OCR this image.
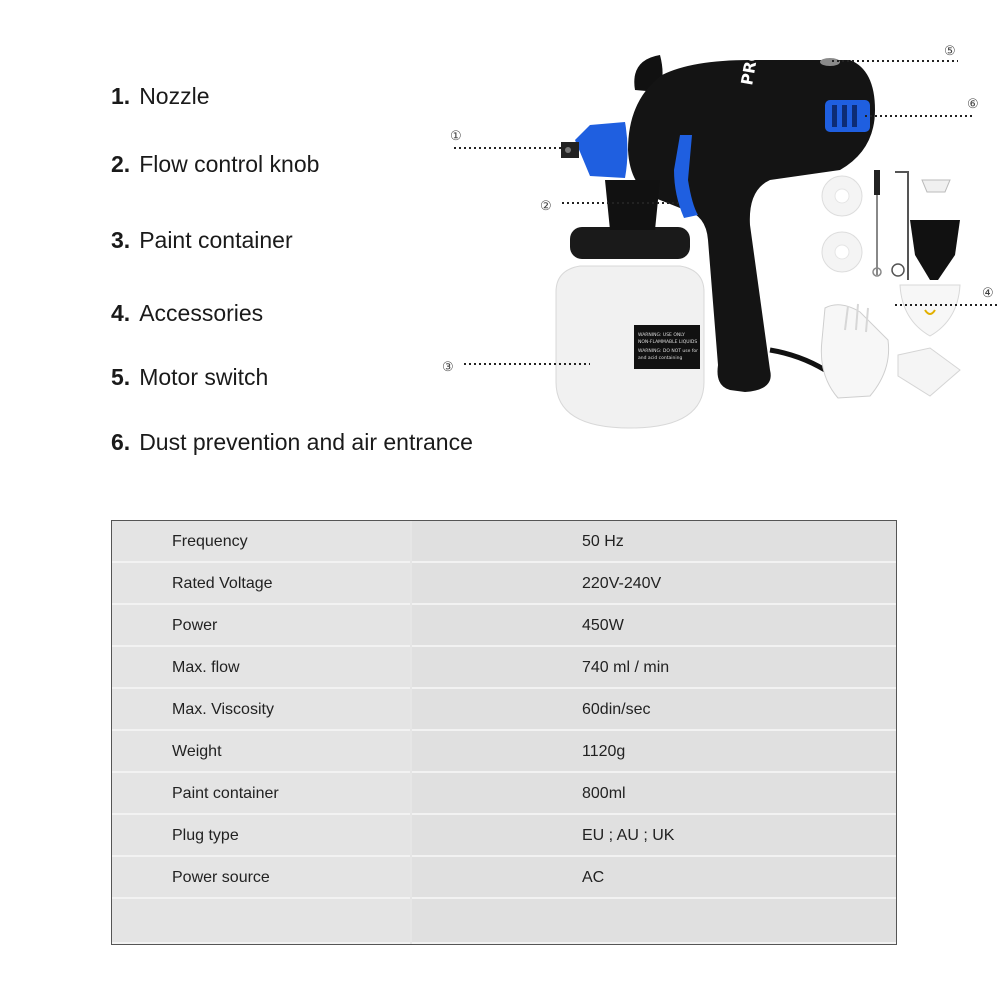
1. Nozzle
2. Flow control knob
3. Paint container
4. Accessories
5. Motor switch
6. Dust prevention and air entrance
WARNING: USE ONLY
NON-FLAMMABLE LIQUIDS
WARNING: DO NOT use for
and acid containing
PRO
①
②
③
④
⑤
⑥
Frequency	50 Hz
Rated Voltage	220V-240V
Power	450W
Max. flow	740 ml / min
Max. Viscosity	60din/sec
Weight	1120g
Paint container	800ml
Plug type	EU ; AU ; UK
Power source	AC
